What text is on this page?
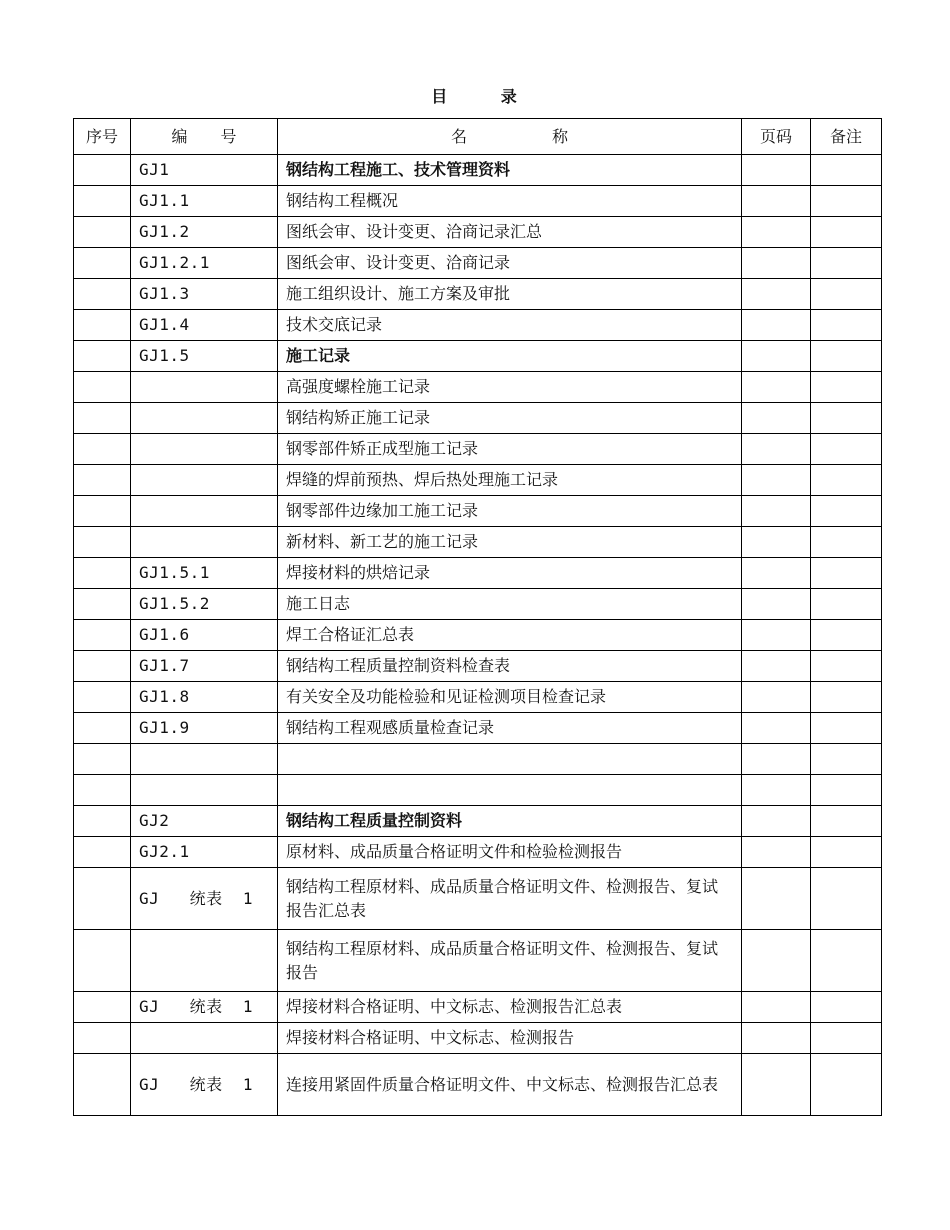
目 录
序号	编 号	名 称	页码	备注
	GJ1	钢结构工程施工、技术管理资料		
	GJ1.1	钢结构工程概况		
	GJ1.2	图纸会审、设计变更、洽商记录汇总		
	GJ1.2.1	图纸会审、设计变更、洽商记录		
	GJ1.3	施工组织设计、施工方案及审批		
	GJ1.4	技术交底记录		
	GJ1.5	施工记录		
		高强度螺栓施工记录		
		钢结构矫正施工记录		
		钢零部件矫正成型施工记录		
		焊缝的焊前预热、焊后热处理施工记录		
		钢零部件边缘加工施工记录		
		新材料、新工艺的施工记录		
	GJ1.5.1	焊接材料的烘焙记录		
	GJ1.5.2	施工日志		
	GJ1.6	焊工合格证汇总表		
	GJ1.7	钢结构工程质量控制资料检查表		
	GJ1.8	有关安全及功能检验和见证检测项目检查记录		
	GJ1.9	钢结构工程观感质量检查记录		

	GJ2	钢结构工程质量控制资料		
	GJ2.1	原材料、成品质量合格证明文件和检验检测报告		
	GJ   统表  1	钢结构工程原材料、成品质量合格证明文件、检测报告、复试报告汇总表		
		钢结构工程原材料、成品质量合格证明文件、检测报告、复试报告		
	GJ   统表  1	焊接材料合格证明、中文标志、检测报告汇总表		
		焊接材料合格证明、中文标志、检测报告		
	GJ   统表  1	连接用紧固件质量合格证明文件、中文标志、检测报告汇总表		
